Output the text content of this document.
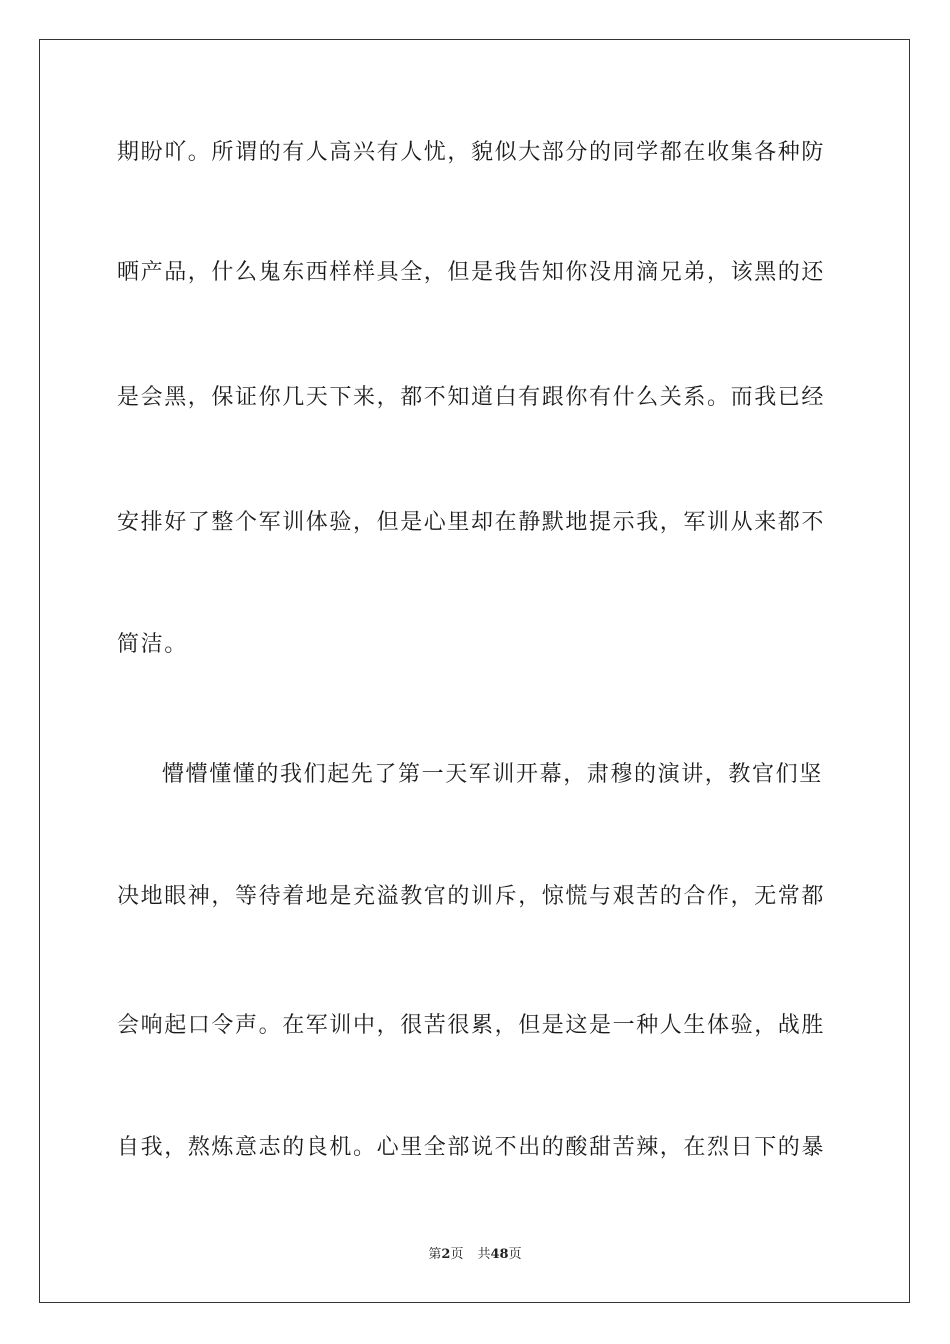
期盼吖。所谓的有人高兴有人忧，貌似大部分的同学都在收集各种防
晒产品，什么鬼东西样样具全，但是我告知你没用滴兄弟，该黑的还
是会黑，保证你几天下来，都不知道白有跟你有什么关系。而我已经
安排好了整个军训体验，但是心里却在静默地提示我，军训从来都不
简洁。
懵懵懂懂的我们起先了第一天军训开幕，肃穆的演讲，教官们坚
决地眼神，等待着地是充溢教官的训斥，惊慌与艰苦的合作，无常都
会响起口令声。在军训中，很苦很累，但是这是一种人生体验，战胜
自我，熬炼意志的良机。心里全部说不出的酸甜苦辣，在烈日下的暴
第2页 共48页
